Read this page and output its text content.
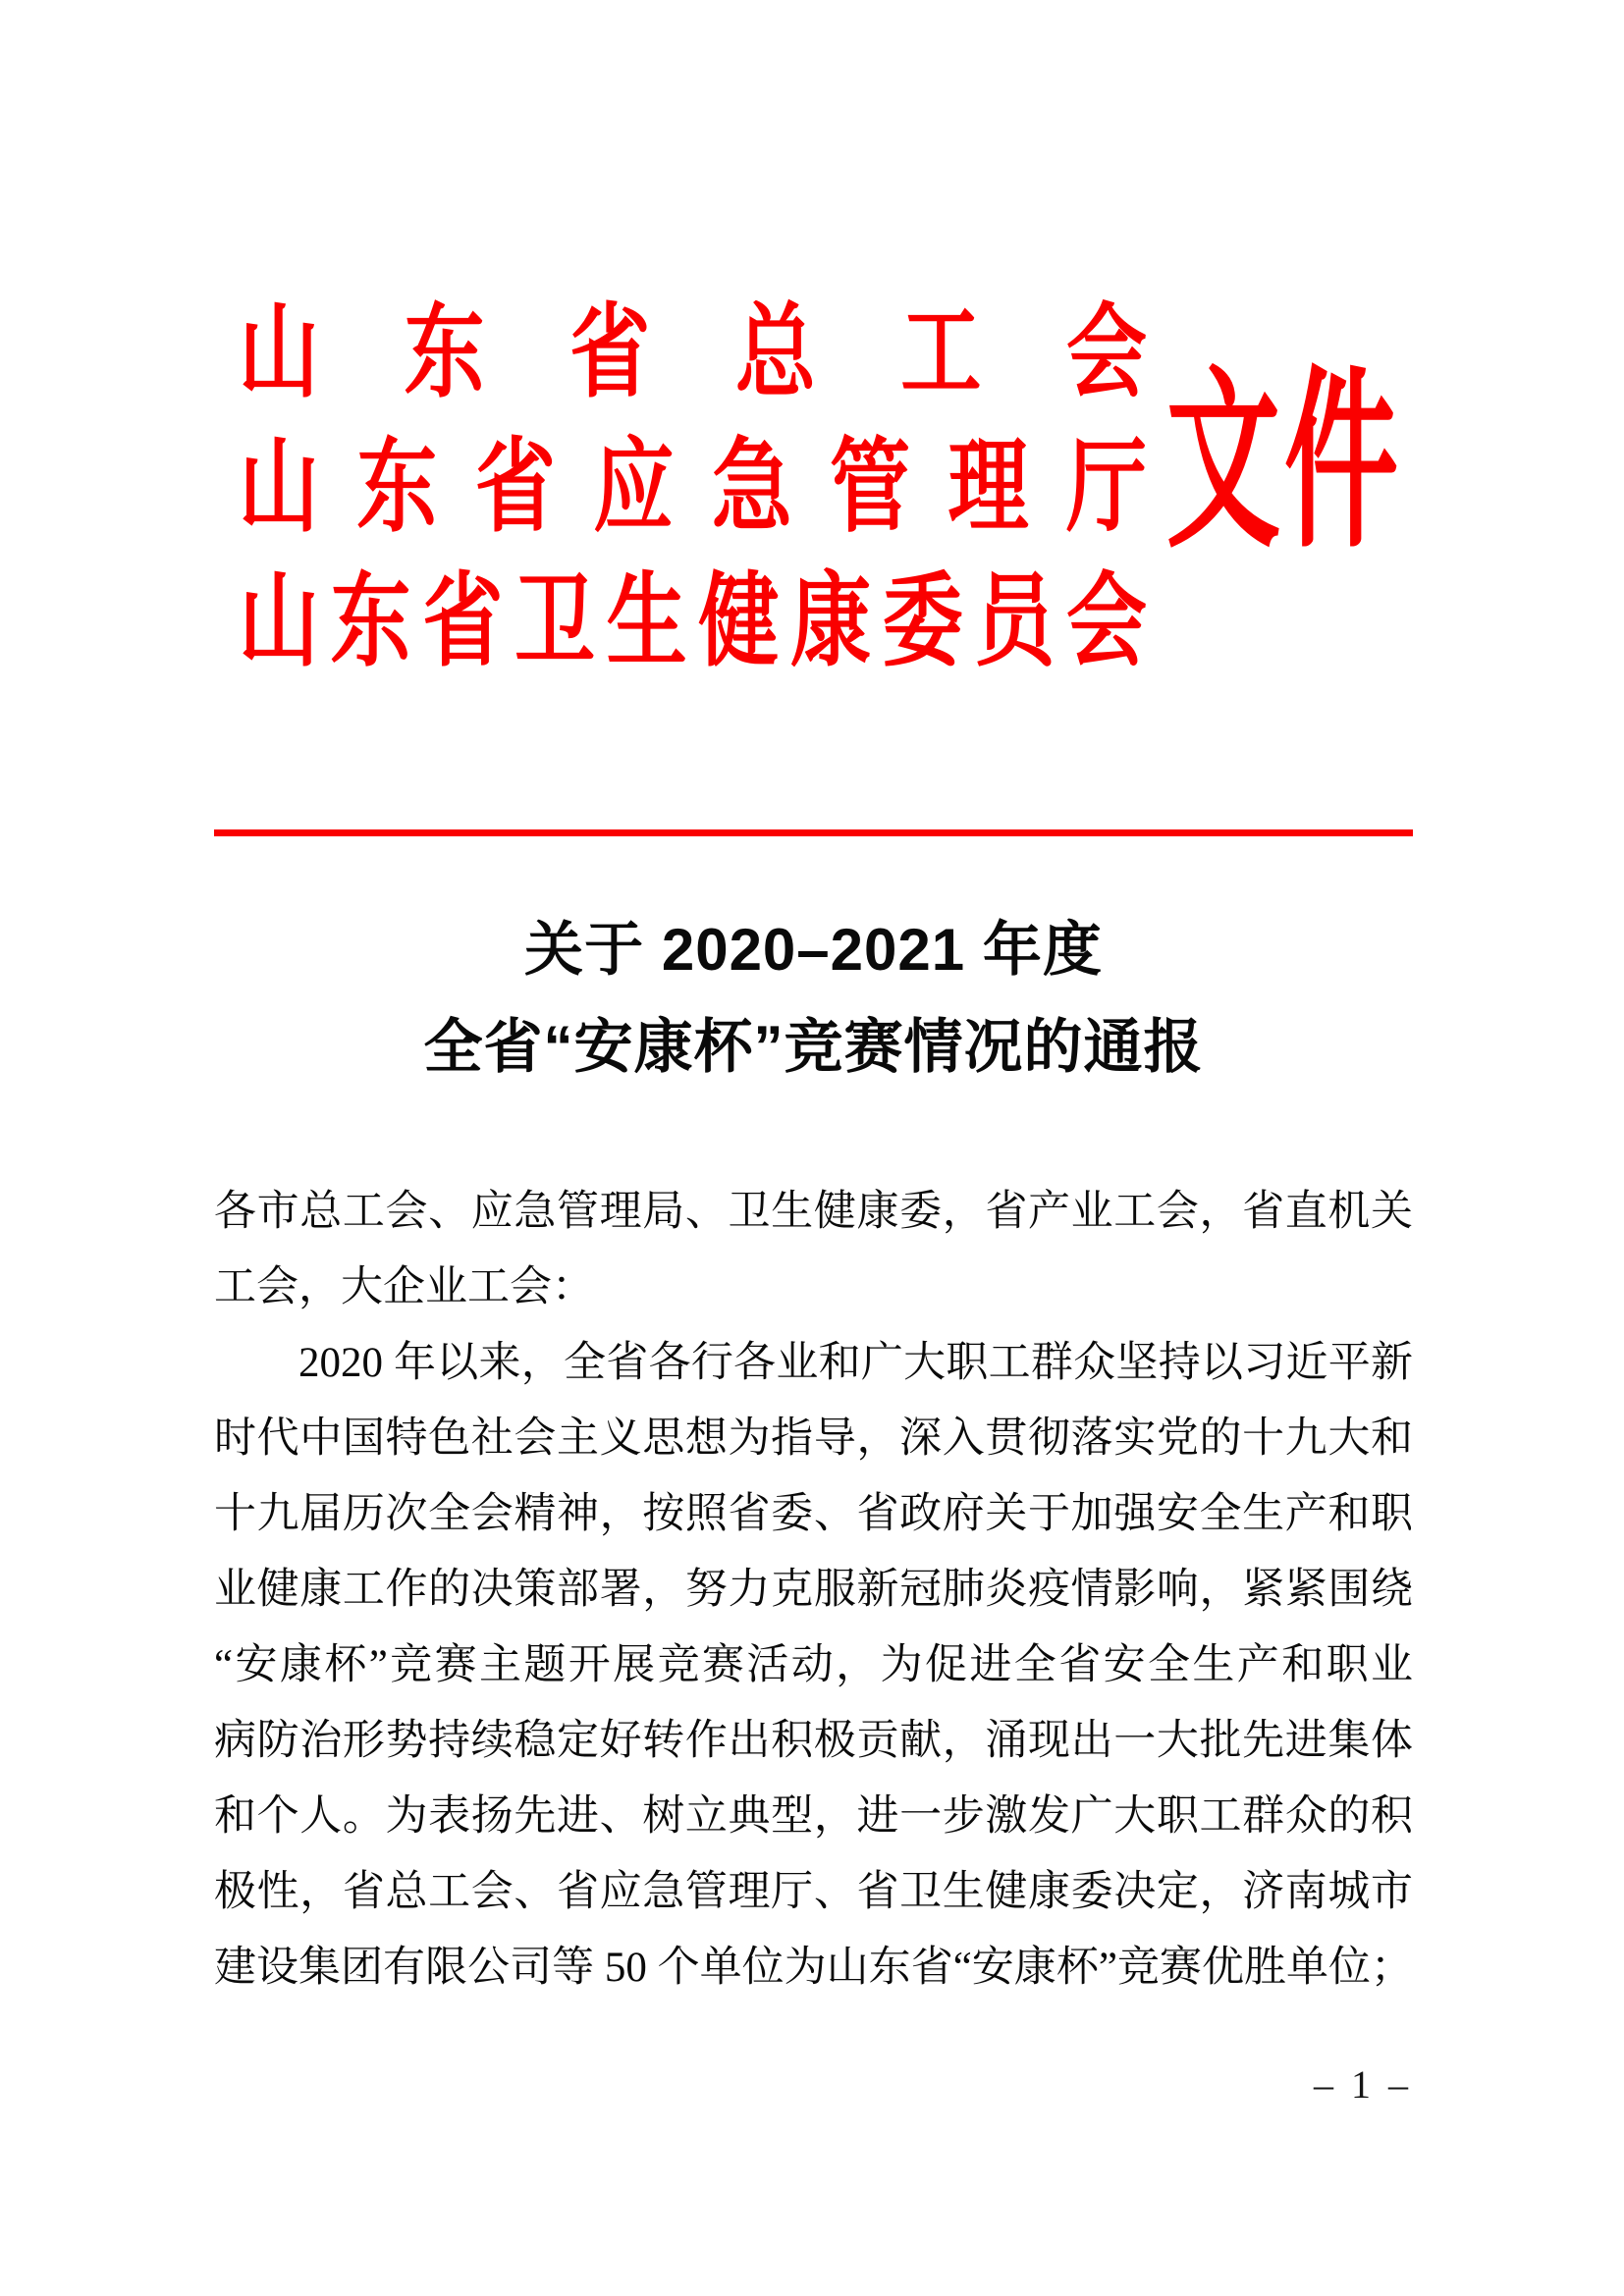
山东省总工会
山东省应急管理厅
山东省卫生健康委员会
文件
关于 2020–2021 年度
全省“安康杯”竞赛情况的通报
各市总工会、应急管理局、卫生健康委，省产业工会，省直机关
工会，大企业工会：
2020 年以来，全省各行各业和广大职工群众坚持以习近平新
时代中国特色社会主义思想为指导，深入贯彻落实党的十九大和
十九届历次全会精神，按照省委、省政府关于加强安全生产和职
业健康工作的决策部署，努力克服新冠肺炎疫情影响，紧紧围绕
“安康杯”竞赛主题开展竞赛活动，为促进全省安全生产和职业
病防治形势持续稳定好转作出积极贡献，涌现出一大批先进集体
和个人。为表扬先进、树立典型，进一步激发广大职工群众的积
极性，省总工会、省应急管理厅、省卫生健康委决定，济南城市
建设集团有限公司等 50 个单位为山东省“安康杯”竞赛优胜单位；
– 1 –
